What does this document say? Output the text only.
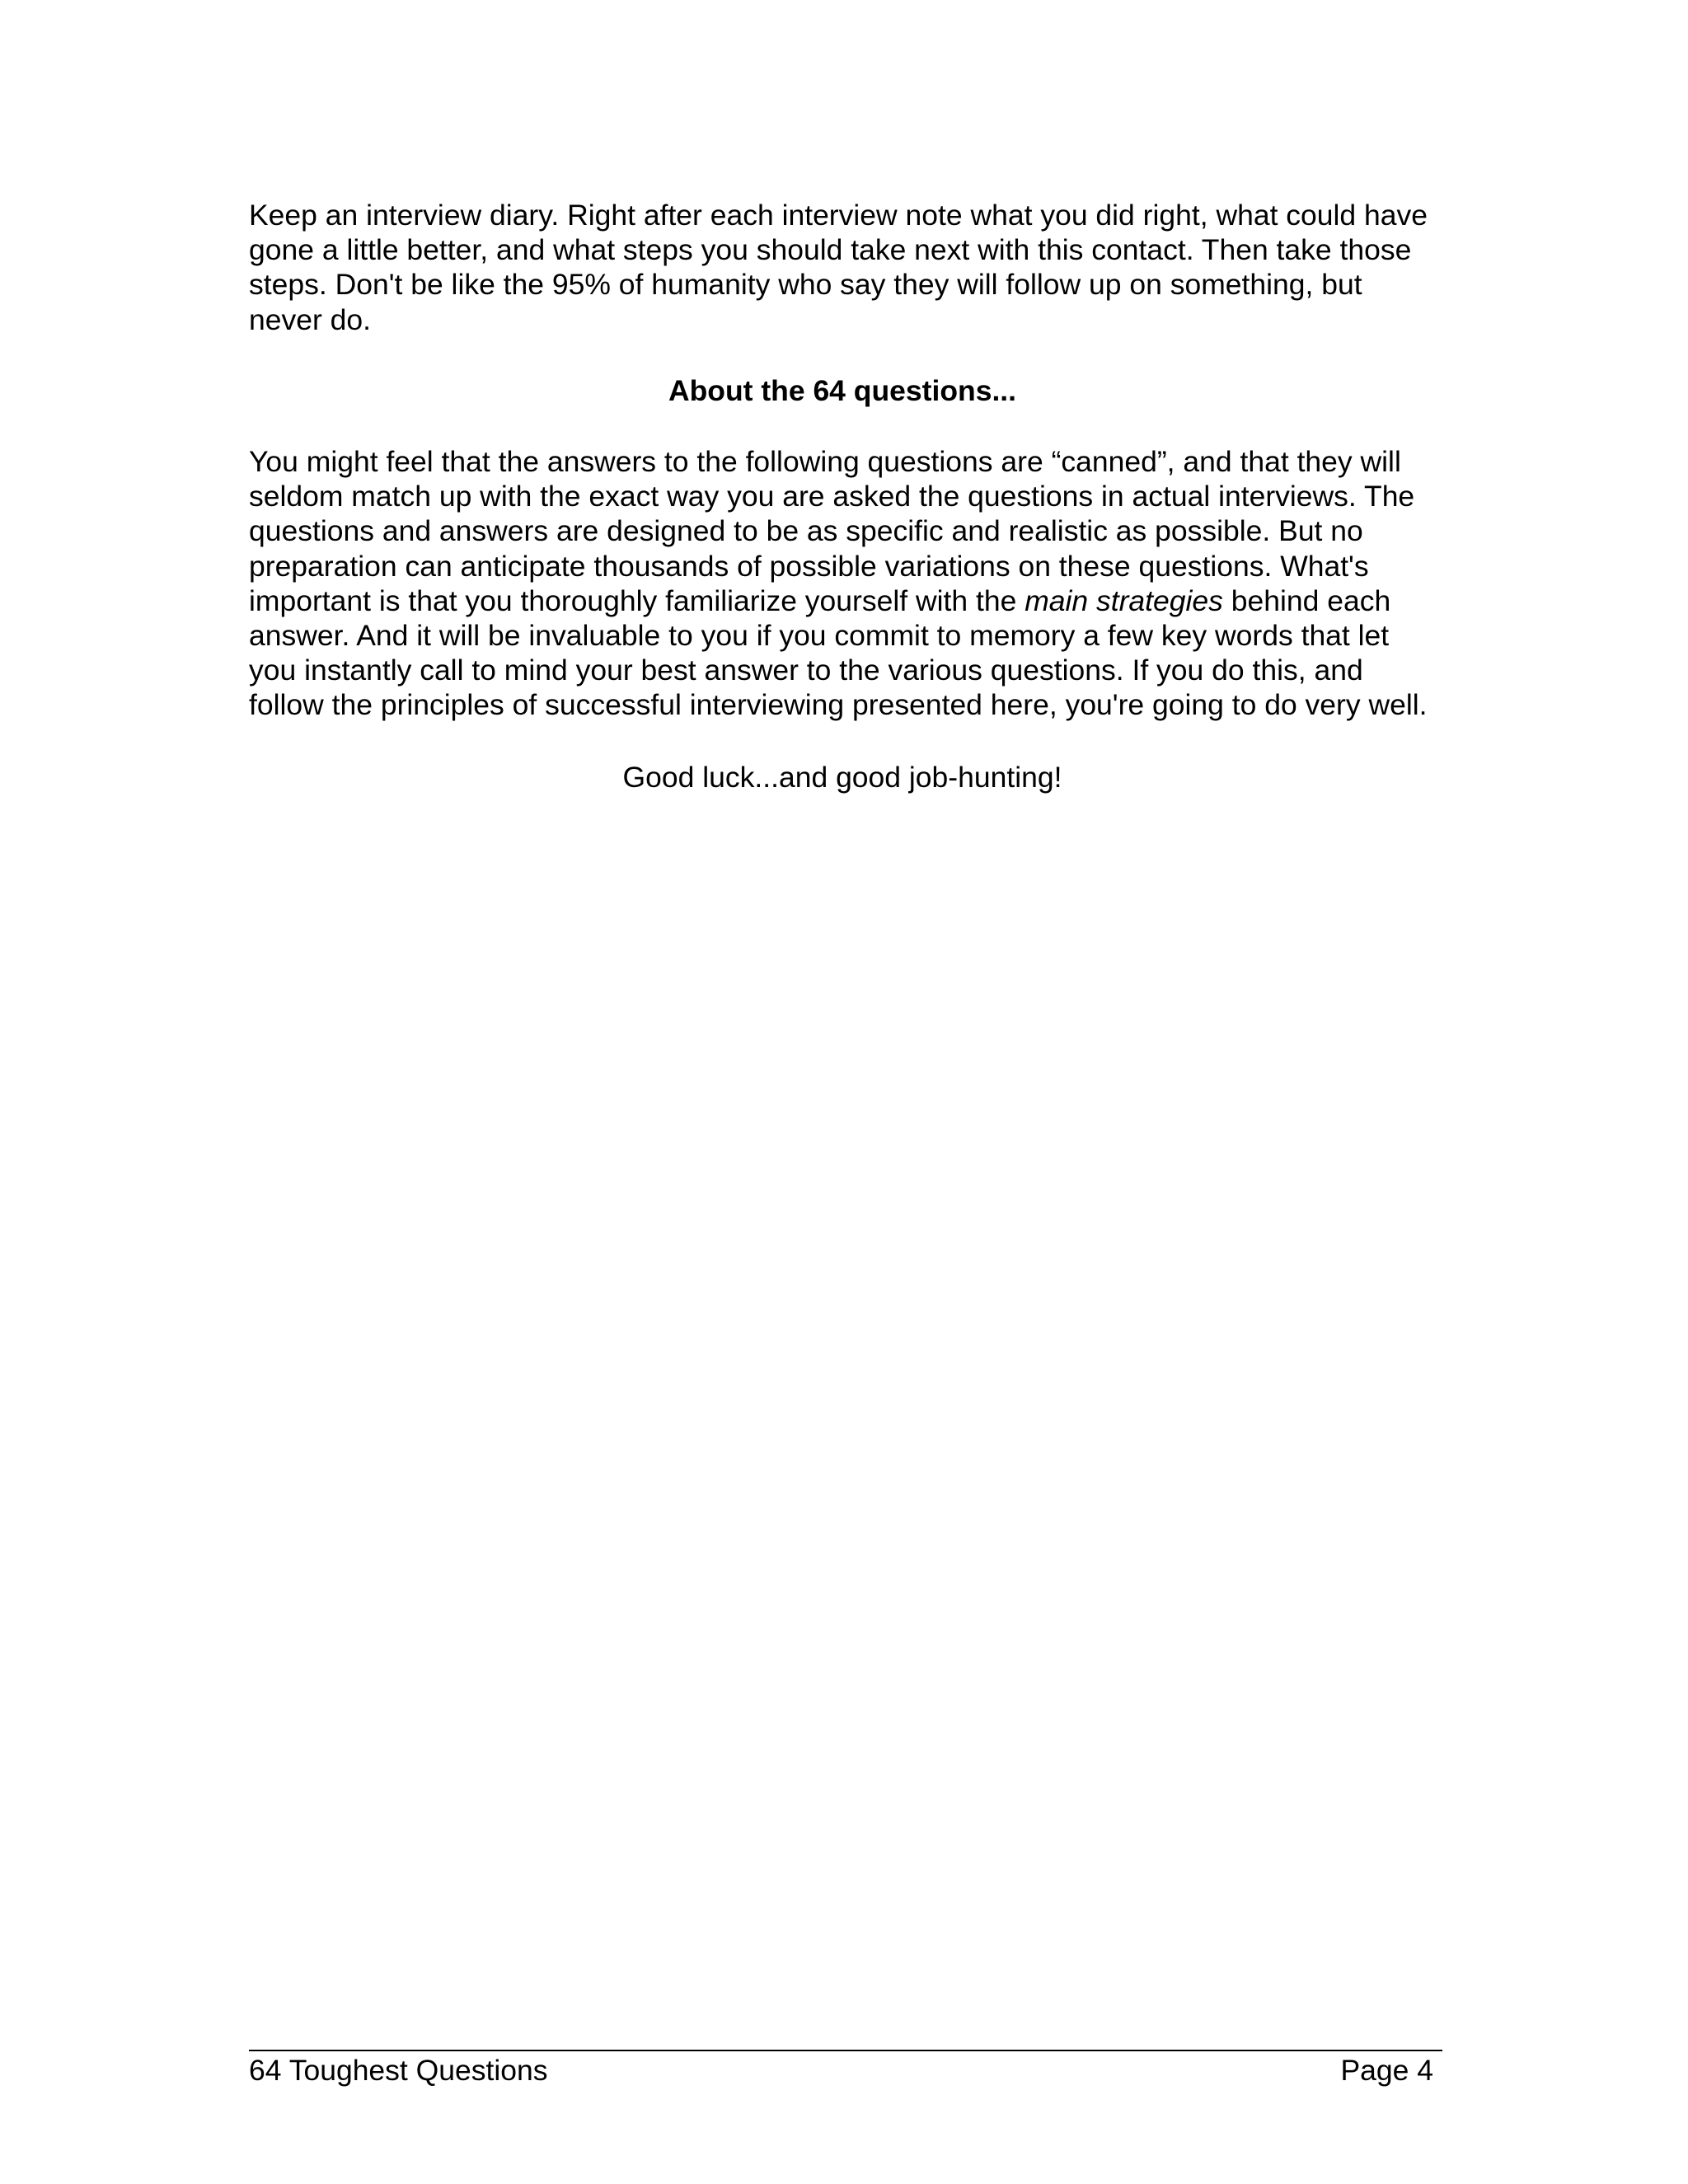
Keep an interview diary. Right after each interview note what you did right, what could have gone a little better, and what steps you should take next with this contact. Then take those steps. Don't be like the 95% of humanity who say they will follow up on something, but never do.

About the 64 questions...

You might feel that the answers to the following questions are “canned”, and that they will seldom match up with the exact way you are asked the questions in actual interviews. The questions and answers are designed to be as specific and realistic as possible. But no preparation can anticipate thousands of possible variations on these questions. What's important is that you thoroughly familiarize yourself with the main strategies behind each answer. And it will be invaluable to you if you commit to memory a few key words that let you instantly call to mind your best answer to the various questions. If you do this, and follow the principles of successful interviewing presented here, you're going to do very well.

Good luck...and good job-hunting!

64 Toughest Questions	Page 4
